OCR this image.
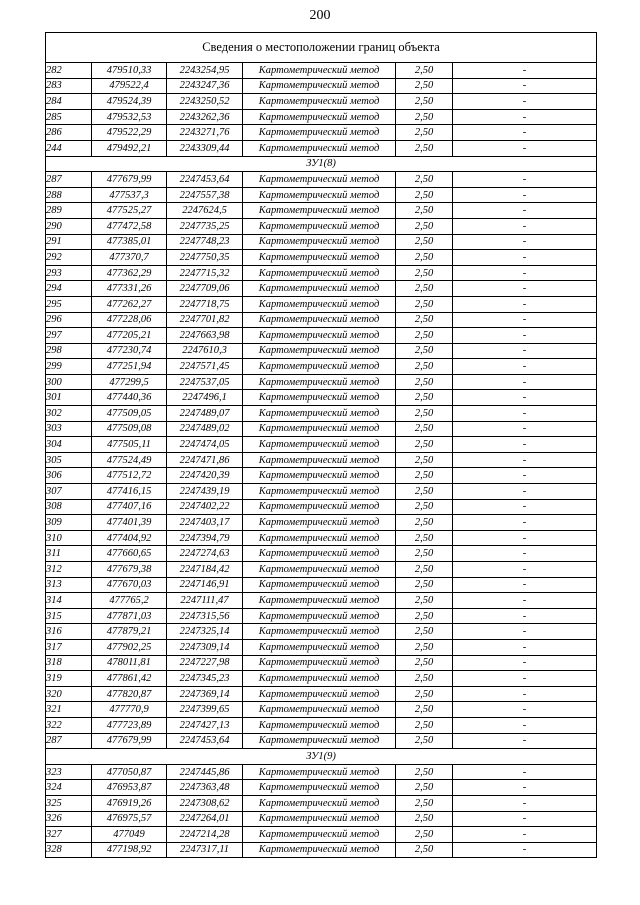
200
Сведения о местоположении границ объекта					
282	479510,33	2243254,95	Картометрический метод	2,50	-
283	479522,4	2243247,36	Картометрический метод	2,50	-
284	479524,39	2243250,52	Картометрический метод	2,50	-
285	479532,53	2243262,36	Картометрический метод	2,50	-
286	479522,29	2243271,76	Картометрический метод	2,50	-
244	479492,21	2243309,44	Картометрический метод	2,50	-
ЗУ1(8)					
287	477679,99	2247453,64	Картометрический метод	2,50	-
288	477537,3	2247557,38	Картометрический метод	2,50	-
289	477525,27	2247624,5	Картометрический метод	2,50	-
290	477472,58	2247735,25	Картометрический метод	2,50	-
291	477385,01	2247748,23	Картометрический метод	2,50	-
292	477370,7	2247750,35	Картометрический метод	2,50	-
293	477362,29	2247715,32	Картометрический метод	2,50	-
294	477331,26	2247709,06	Картометрический метод	2,50	-
295	477262,27	2247718,75	Картометрический метод	2,50	-
296	477228,06	2247701,82	Картометрический метод	2,50	-
297	477205,21	2247663,98	Картометрический метод	2,50	-
298	477230,74	2247610,3	Картометрический метод	2,50	-
299	477251,94	2247571,45	Картометрический метод	2,50	-
300	477299,5	2247537,05	Картометрический метод	2,50	-
301	477440,36	2247496,1	Картометрический метод	2,50	-
302	477509,05	2247489,07	Картометрический метод	2,50	-
303	477509,08	2247489,02	Картометрический метод	2,50	-
304	477505,11	2247474,05	Картометрический метод	2,50	-
305	477524,49	2247471,86	Картометрический метод	2,50	-
306	477512,72	2247420,39	Картометрический метод	2,50	-
307	477416,15	2247439,19	Картометрический метод	2,50	-
308	477407,16	2247402,22	Картометрический метод	2,50	-
309	477401,39	2247403,17	Картометрический метод	2,50	-
310	477404,92	2247394,79	Картометрический метод	2,50	-
311	477660,65	2247274,63	Картометрический метод	2,50	-
312	477679,38	2247184,42	Картометрический метод	2,50	-
313	477670,03	2247146,91	Картометрический метод	2,50	-
314	477765,2	2247111,47	Картометрический метод	2,50	-
315	477871,03	2247315,56	Картометрический метод	2,50	-
316	477879,21	2247325,14	Картометрический метод	2,50	-
317	477902,25	2247309,14	Картометрический метод	2,50	-
318	478011,81	2247227,98	Картометрический метод	2,50	-
319	477861,42	2247345,23	Картометрический метод	2,50	-
320	477820,87	2247369,14	Картометрический метод	2,50	-
321	477770,9	2247399,65	Картометрический метод	2,50	-
322	477723,89	2247427,13	Картометрический метод	2,50	-
287	477679,99	2247453,64	Картометрический метод	2,50	-
ЗУ1(9)					
323	477050,87	2247445,86	Картометрический метод	2,50	-
324	476953,87	2247363,48	Картометрический метод	2,50	-
325	476919,26	2247308,62	Картометрический метод	2,50	-
326	476975,57	2247264,01	Картометрический метод	2,50	-
327	477049	2247214,28	Картометрический метод	2,50	-
328	477198,92	2247317,11	Картометрический метод	2,50	-
